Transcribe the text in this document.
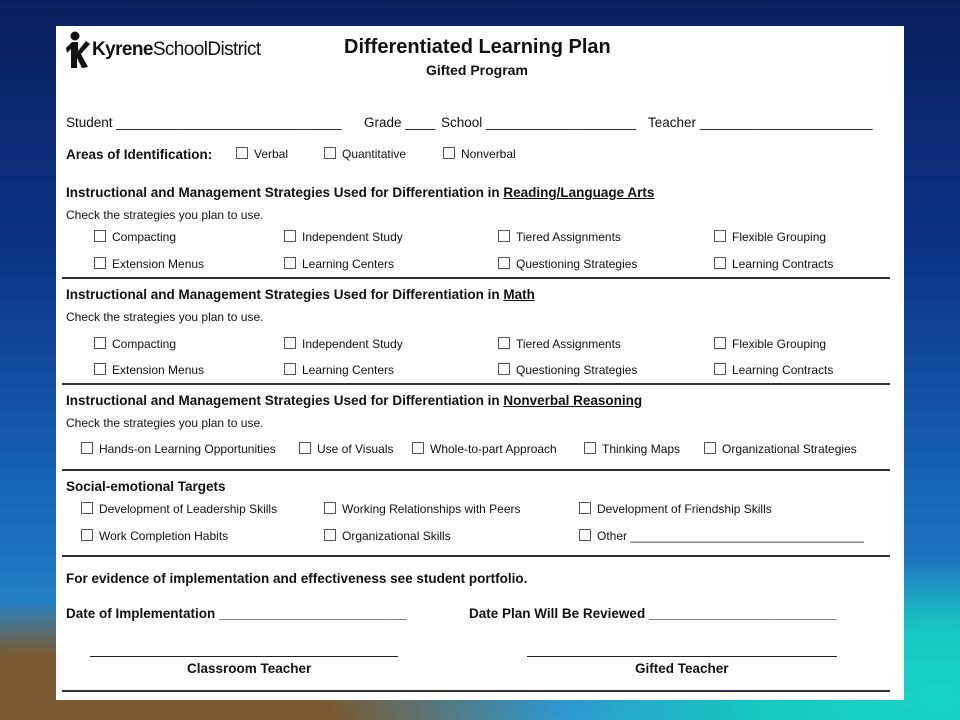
KyreneSchoolDistrict	Differentiated Learning Plan
Gifted Program
Student ______________________________ Grade ____ School ____________________ Teacher _______________________
Areas of Identification:	Verbal	Quantitative	Nonverbal
Instructional and Management Strategies Used for Differentiation in Reading/Language Arts
Check the strategies you plan to use.
Compacting	Independent Study	Tiered Assignments	Flexible Grouping
Extension Menus	Learning Centers	Questioning Strategies	Learning Contracts
Instructional and Management Strategies Used for Differentiation in Math
Check the strategies you plan to use.
Compacting	Independent Study	Tiered Assignments	Flexible Grouping
Extension Menus	Learning Centers	Questioning Strategies	Learning Contracts
Instructional and Management Strategies Used for Differentiation in Nonverbal Reasoning
Check the strategies you plan to use.
Hands-on Learning Opportunities	Use of Visuals	Whole-to-part Approach	Thinking Maps	Organizational Strategies
Social-emotional Targets
Development of Leadership Skills	Working Relationships with Peers	Development of Friendship Skills
Work Completion Habits	Organizational Skills	Other ___________________________________
For evidence of implementation and effectiveness see student portfolio.
Date of Implementation _________________________	Date Plan Will Be Reviewed _________________________
Classroom Teacher	Gifted Teacher
